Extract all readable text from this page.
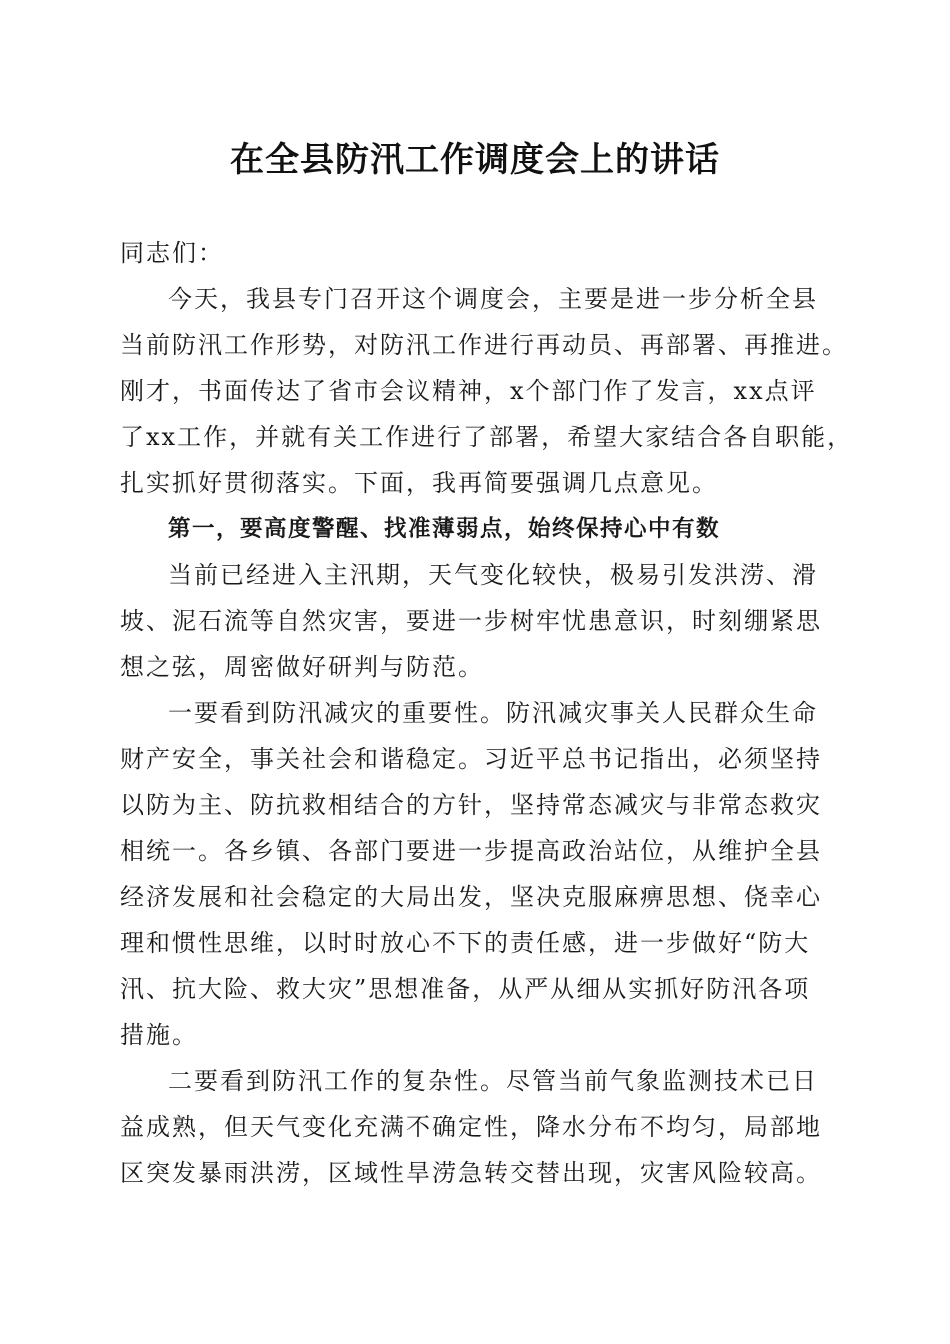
在全县防汛工作调度会上的讲话
同志们：
今天，我县专门召开这个调度会，主要是进一步分析全县
当前防汛工作形势，对防汛工作进行再动员、再部署、再推进。
刚才，书面传达了省市会议精神，x个部门作了发言，xx点评
了xx工作，并就有关工作进行了部署，希望大家结合各自职能，
扎实抓好贯彻落实。下面，我再简要强调几点意见。
第一，要高度警醒、找准薄弱点，始终保持心中有数
当前已经进入主汛期，天气变化较快，极易引发洪涝、滑
坡、泥石流等自然灾害，要进一步树牢忧患意识，时刻绷紧思
想之弦，周密做好研判与防范。
一要看到防汛减灾的重要性。防汛减灾事关人民群众生命
财产安全，事关社会和谐稳定。习近平总书记指出，必须坚持
以防为主、防抗救相结合的方针，坚持常态减灾与非常态救灾
相统一。各乡镇、各部门要进一步提高政治站位，从维护全县
经济发展和社会稳定的大局出发，坚决克服麻痹思想、侥幸心
理和惯性思维，以时时放心不下的责任感，进一步做好“防大
汛、抗大险、救大灾”思想准备，从严从细从实抓好防汛各项
措施。
二要看到防汛工作的复杂性。尽管当前气象监测技术已日
益成熟，但天气变化充满不确定性，降水分布不均匀，局部地
区突发暴雨洪涝，区域性旱涝急转交替出现，灾害风险较高。
